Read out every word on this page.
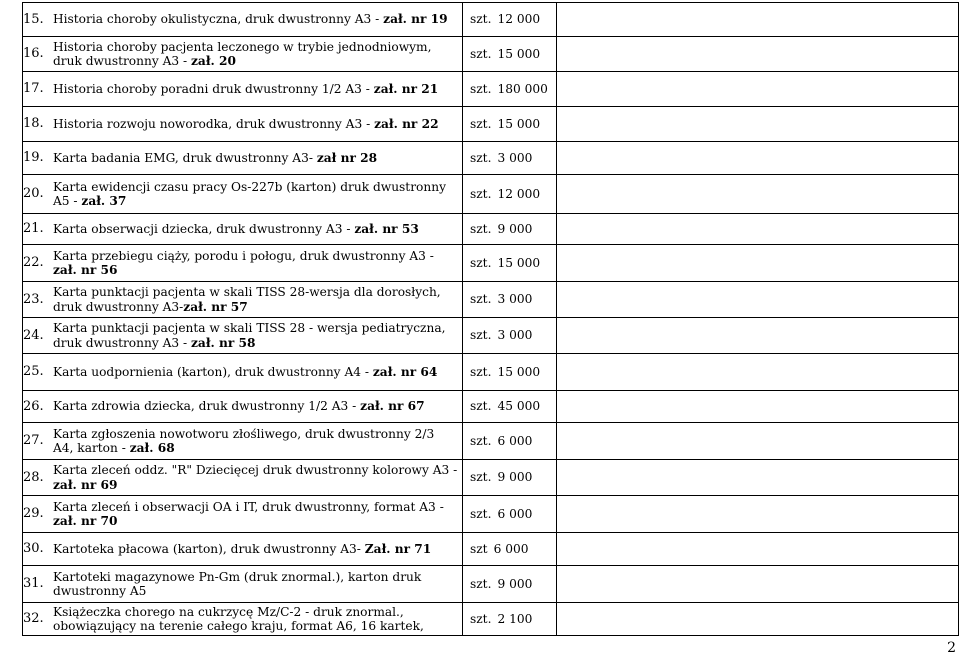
15. Historia choroby okulistyczna, druk dwustronny A3 - zał. nr 19	szt. 12 000	

16. Historia choroby pacjenta leczonego w trybie jednodniowym, druk dwustronny A3 - zał. 20	szt. 15 000	

17. Historia choroby poradni druk dwustronny 1/2 A3 - zał. nr 21	szt. 180 000	

18. Historia rozwoju noworodka, druk dwustronny A3 - zał. nr 22	szt. 15 000	

19. Karta badania EMG, druk dwustronny A3- zał nr 28	szt. 3 000	

20. Karta ewidencji czasu pracy Os-227b (karton) druk dwustronny A5 - zał. 37	szt. 12 000	

21. Karta obserwacji dziecka, druk dwustronny A3 - zał. nr 53	szt. 9 000	

22. Karta przebiegu ciąży, porodu i połogu, druk dwustronny A3 - zał. nr 56	szt. 15 000	

23. Karta punktacji pacjenta w skali TISS 28-wersja dla dorosłych, druk dwustronny A3-zał. nr 57	szt. 3 000	

24. Karta punktacji pacjenta w skali TISS 28 - wersja pediatryczna, druk dwustronny A3 - zał. nr 58	szt. 3 000	

25. Karta uodpornienia (karton), druk dwustronny A4 - zał. nr 64	szt. 15 000	

26. Karta zdrowia dziecka, druk dwustronny 1/2 A3 - zał. nr 67	szt. 45 000	

27. Karta zgłoszenia nowotworu złośliwego, druk dwustronny 2/3 A4, karton - zał. 68	szt. 6 000	

28. Karta zleceń oddz. "R" Dziecięcej druk dwustronny kolorowy A3 - zał. nr 69	szt. 9 000	

29. Karta zleceń i obserwacji OA i IT, druk dwustronny, format A3 - zał. nr 70	szt. 6 000	

30. Kartoteka płacowa (karton), druk dwustronny A3- Zał. nr 71	szt 6 000	

31. Kartoteki magazynowe Pn-Gm (druk znormal.), karton druk dwustronny A5	szt. 9 000	

32. Książeczka chorego na cukrzycę Mz/C-2 - druk znormal., obowiązujący na terenie całego kraju, format A6, 16 kartek,	szt. 2 100	
2
